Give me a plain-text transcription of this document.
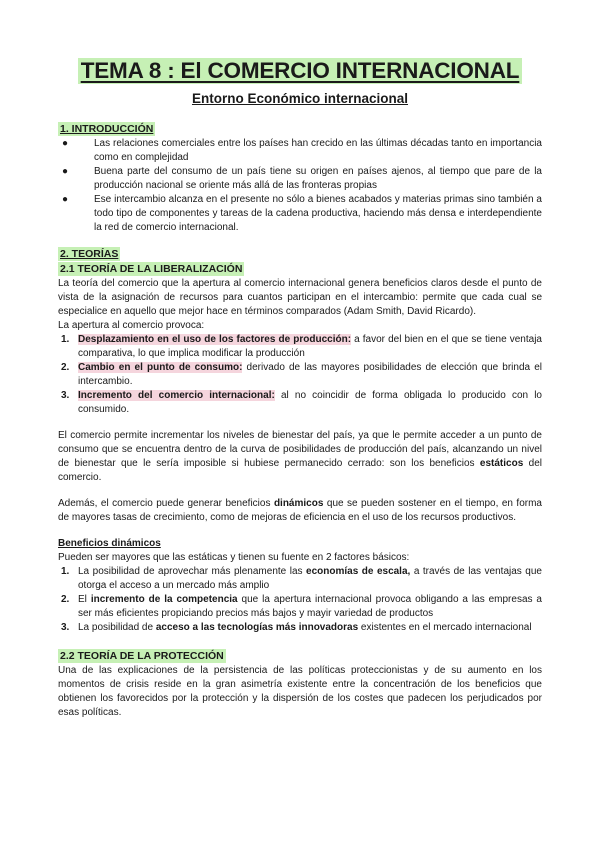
TEMA 8 : El COMERCIO INTERNACIONAL
Entorno Económico internacional
1. INTRODUCCIÓN
●	Las relaciones comerciales entre los países han crecido en las últimas décadas tanto en importancia como en complejidad
●	Buena parte del consumo de un país tiene su origen en países ajenos, al tiempo que pare de la producción nacional se oriente más allá de las fronteras propias
●	Ese intercambio alcanza en el presente no sólo a bienes acabados y materias primas sino también a todo tipo de componentes y tareas de la cadena productiva, haciendo más densa e interdependiente la red de comercio internacional.
2. TEORÍAS
2.1 TEORÍA DE LA LIBERALIZACIÓN

La teoría del comercio que la apertura al comercio internacional genera beneficios claros desde el punto de vista de la asignación de recursos para cuantos participan en el intercambio: permite que cada cual se especialice en aquello que mejor hace en términos comparados (Adam Smith, David Ricardo).

La apertura al comercio provoca:

1. Desplazamiento en el uso de los factores de producción: a favor del bien en el que se tiene ventaja comparativa, lo que implica modificar la producción
2. Cambio en el punto de consumo: derivado de las mayores posibilidades de elección que brinda el intercambio.
3. Incremento del comercio internacional: al no coincidir de forma obligada lo producido con lo consumido.

El comercio permite incrementar los niveles de bienestar del país, ya que le permite acceder a un punto de consumo que se encuentra dentro de la curva de posibilidades de producción del país, alcanzando un nivel de bienestar que le sería imposible si hubiese permanecido cerrado: son los beneficios estáticos del comercio.

Además, el comercio puede generar beneficios dinámicos que se pueden sostener en el tiempo, en forma de mayores tasas de crecimiento, como de mejoras de eficiencia en el uso de los recursos productivos.

Beneficios dinámicos

Pueden ser mayores que las estáticas y tienen su fuente en 2 factores básicos:

1. La posibilidad de aprovechar más plenamente las economías de escala, a través de las ventajas que otorga el acceso a un mercado más amplio
2. El incremento de la competencia que la apertura internacional provoca obligando a las empresas a ser más eficientes propiciando precios más bajos y mayir variedad de productos
3. La posibilidad de acceso a las tecnologías más innovadoras existentes en el mercado internacional
2.2 TEORÍA DE LA PROTECCIÓN

Una de las explicaciones de la persistencia de las políticas proteccionistas y de su aumento en los momentos de crisis reside en la gran asimetría existente entre la concentración de los beneficios que obtienen los favorecidos por la protección y la dispersión de los costes que padecen los perjudicados por esas políticas.
